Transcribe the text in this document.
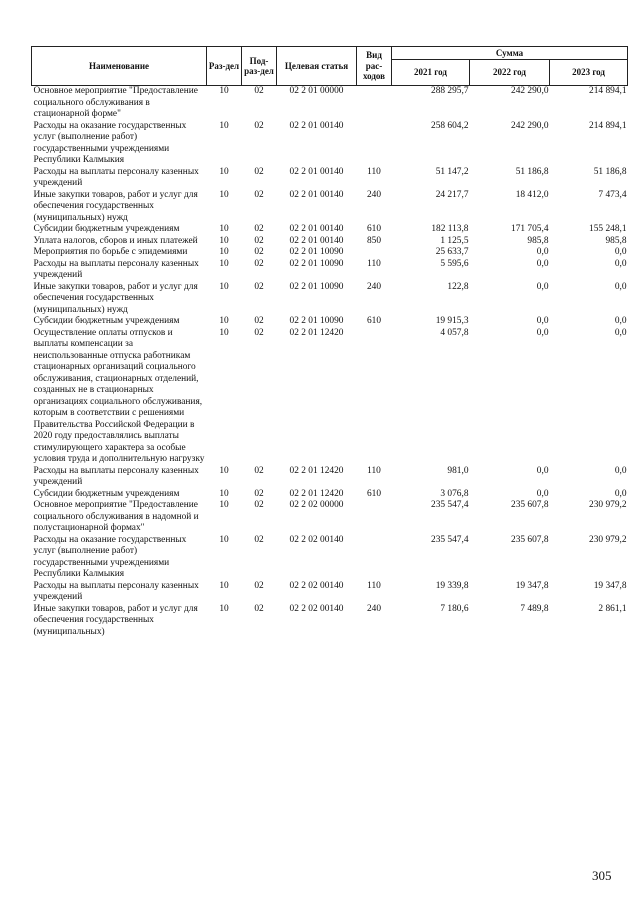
Наименование	Раз-дел	Под-раз-дел	Целевая статья	Вид рас-ходов	Сумма		
					2021 год	2022 год	2023 год
Основное мероприятие "Предоставление социального обслуживания в стационарной форме"	10	02	02 2 01 00000		288 295,7	242 290,0	214 894,1
Расходы на оказание государственных услуг (выполнение работ) государственными учреждениями Республики Калмыкия	10	02	02 2 01 00140		258 604,2	242 290,0	214 894,1
Расходы на выплаты персоналу казенных учреждений	10	02	02 2 01 00140	110	51 147,2	51 186,8	51 186,8
Иные закупки товаров, работ и услуг для обеспечения государственных (муниципальных) нужд	10	02	02 2 01 00140	240	24 217,7	18 412,0	7 473,4
Субсидии бюджетным учреждениям	10	02	02 2 01 00140	610	182 113,8	171 705,4	155 248,1
Уплата налогов, сборов и иных платежей	10	02	02 2 01 00140	850	1 125,5	985,8	985,8
Мероприятия по борьбе с эпидемиями	10	02	02 2 01 10090		25 633,7	0,0	0,0
Расходы на выплаты персоналу казенных учреждений	10	02	02 2 01 10090	110	5 595,6	0,0	0,0
Иные закупки товаров, работ и услуг для обеспечения государственных (муниципальных) нужд	10	02	02 2 01 10090	240	122,8	0,0	0,0
Субсидии бюджетным учреждениям	10	02	02 2 01 10090	610	19 915,3	0,0	0,0
Осуществление оплаты отпусков и выплаты компенсации за неиспользованные отпуска работникам стационарных организаций социального обслуживания, стационарных отделений, созданных не в стационарных организациях социального обслуживания, которым в соответствии с решениями Правительства Российской Федерации в 2020 году предоставлялись выплаты стимулирующего характера за особые условия труда и дополнительную нагрузку	10	02	02 2 01 12420		4 057,8	0,0	0,0
Расходы на выплаты персоналу казенных учреждений	10	02	02 2 01 12420	110	981,0	0,0	0,0
Субсидии бюджетным учреждениям	10	02	02 2 01 12420	610	3 076,8	0,0	0,0
Основное мероприятие "Предоставление социального обслуживания в надомной и полустационарной формах"	10	02	02 2 02 00000		235 547,4	235 607,8	230 979,2
Расходы на оказание государственных услуг (выполнение работ) государственными учреждениями Республики Калмыкия	10	02	02 2 02 00140		235 547,4	235 607,8	230 979,2
Расходы на выплаты персоналу казенных учреждений	10	02	02 2 02 00140	110	19 339,8	19 347,8	19 347,8
Иные закупки товаров, работ и услуг для обеспечения государственных (муниципальных)	10	02	02 2 02 00140	240	7 180,6	7 489,8	2 861,1
305
